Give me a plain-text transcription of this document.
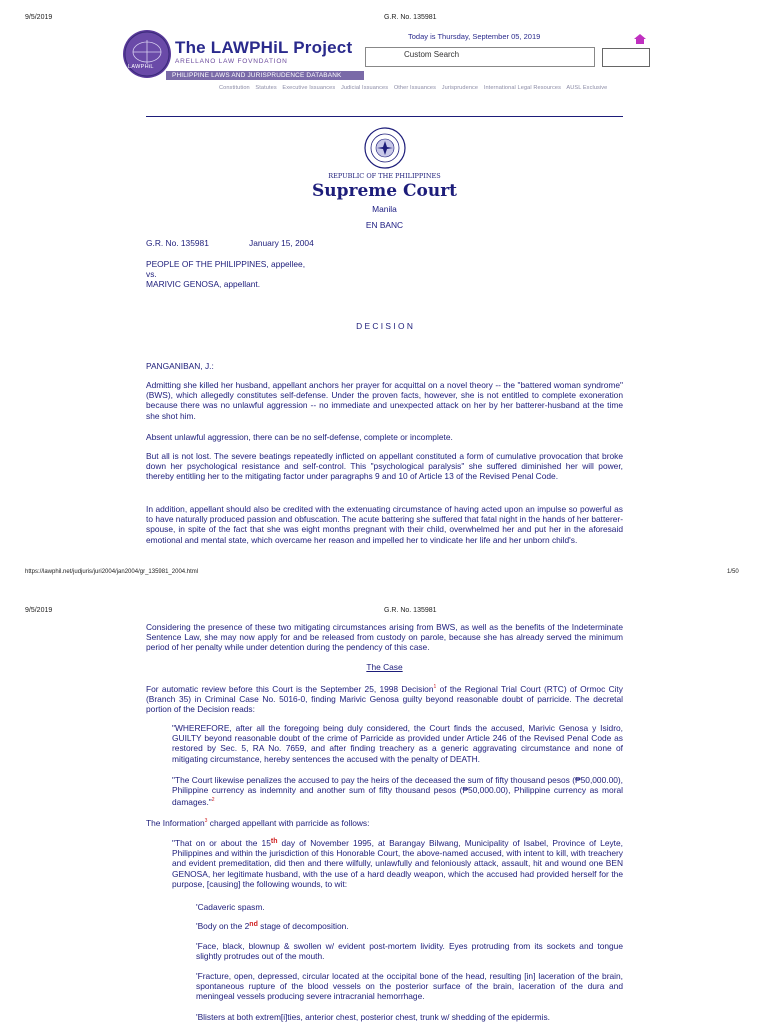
9/5/2019	G.R. No. 135981
LAWPHiL
The LAWPHiL Project
ARELLANO LAW FOVNDATION
PHILIPPINE LAWS AND JURISPRUDENCE DATABANK
Today is Thursday, September 05, 2019
Custom Search
Constitution Statutes Executive Issuances Judicial Issuances Other Issuances Jurisprudence International Legal Resources AUSL Exclusive
REPUBLIC OF THE PHILIPPINES
Supreme Court
Manila
EN BANC
G.R. No. 135981	January 15, 2004
PEOPLE OF THE PHILIPPINES, appellee,
vs.
MARIVIC GENOSA, appellant.
D E C I S I O N
PANGANIBAN, J.:
Admitting she killed her husband, appellant anchors her prayer for acquittal on a novel theory -- the "battered woman syndrome" (BWS), which allegedly constitutes self-defense. Under the proven facts, however, she is not entitled to complete exoneration because there was no unlawful aggression -- no immediate and unexpected attack on her by her batterer-husband at the time she shot him.
Absent unlawful aggression, there can be no self-defense, complete or incomplete.
But all is not lost. The severe beatings repeatedly inflicted on appellant constituted a form of cumulative provocation that broke down her psychological resistance and self-control. This "psychological paralysis" she suffered diminished her will power, thereby entitling her to the mitigating factor under paragraphs 9 and 10 of Article 13 of the Revised Penal Code.
In addition, appellant should also be credited with the extenuating circumstance of having acted upon an impulse so powerful as to have naturally produced passion and obfuscation. The acute battering she suffered that fatal night in the hands of her batterer-spouse, in spite of the fact that she was eight months pregnant with their child, overwhelmed her and put her in the aforesaid emotional and mental state, which overcame her reason and impelled her to vindicate her life and her unborn child's.
https://lawphil.net/judjuris/juri2004/jan2004/gr_135981_2004.html	1/50
9/5/2019	G.R. No. 135981
Considering the presence of these two mitigating circumstances arising from BWS, as well as the benefits of the Indeterminate Sentence Law, she may now apply for and be released from custody on parole, because she has already served the minimum period of her penalty while under detention during the pendency of this case.
The Case
For automatic review before this Court is the September 25, 1998 Decision$^1$ of the Regional Trial Court (RTC) of Ormoc City (Branch 35) in Criminal Case No. 5016-0, finding Marivic Genosa guilty beyond reasonable doubt of parricide. The decretal portion of the Decision reads:
"WHEREFORE, after all the foregoing being duly considered, the Court finds the accused, Marivic Genosa y Isidro, GUILTY beyond reasonable doubt of the crime of Parricide as provided under Article 246 of the Revised Penal Code as restored by Sec. 5, RA No. 7659, and after finding treachery as a generic aggravating circumstance and none of mitigating circumstance, hereby sentences the accused with the penalty of DEATH.
"The Court likewise penalizes the accused to pay the heirs of the deceased the sum of fifty thousand pesos (₱50,000.00), Philippine currency as indemnity and another sum of fifty thousand pesos (₱50,000.00), Philippine currency as moral damages."$^2$
The Information$^3$ charged appellant with parricide as follows:
"That on or about the 15th day of November 1995, at Barangay Bilwang, Municipality of Isabel, Province of Leyte, Philippines and within the jurisdiction of this Honorable Court, the above-named accused, with intent to kill, with treachery and evident premeditation, did then and there wilfully, unlawfully and feloniously attack, assault, hit and wound one BEN GENOSA, her legitimate husband, with the use of a hard deadly weapon, which the accused had provided herself for the purpose, [causing] the following wounds, to wit:
'Cadaveric spasm.
'Body on the 2nd stage of decomposition.
'Face, black, blownup & swollen w/ evident post-mortem lividity. Eyes protruding from its sockets and tongue slightly protrudes out of the mouth.
'Fracture, open, depressed, circular located at the occipital bone of the head, resulting [in] laceration of the brain, spontaneous rupture of the blood vessels on the posterior surface of the brain, laceration of the dura and meningeal vessels producing severe intracranial hemorrhage.
'Blisters at both extrem[i]ties, anterior chest, posterior chest, trunk w/ shedding of the epidermis.
